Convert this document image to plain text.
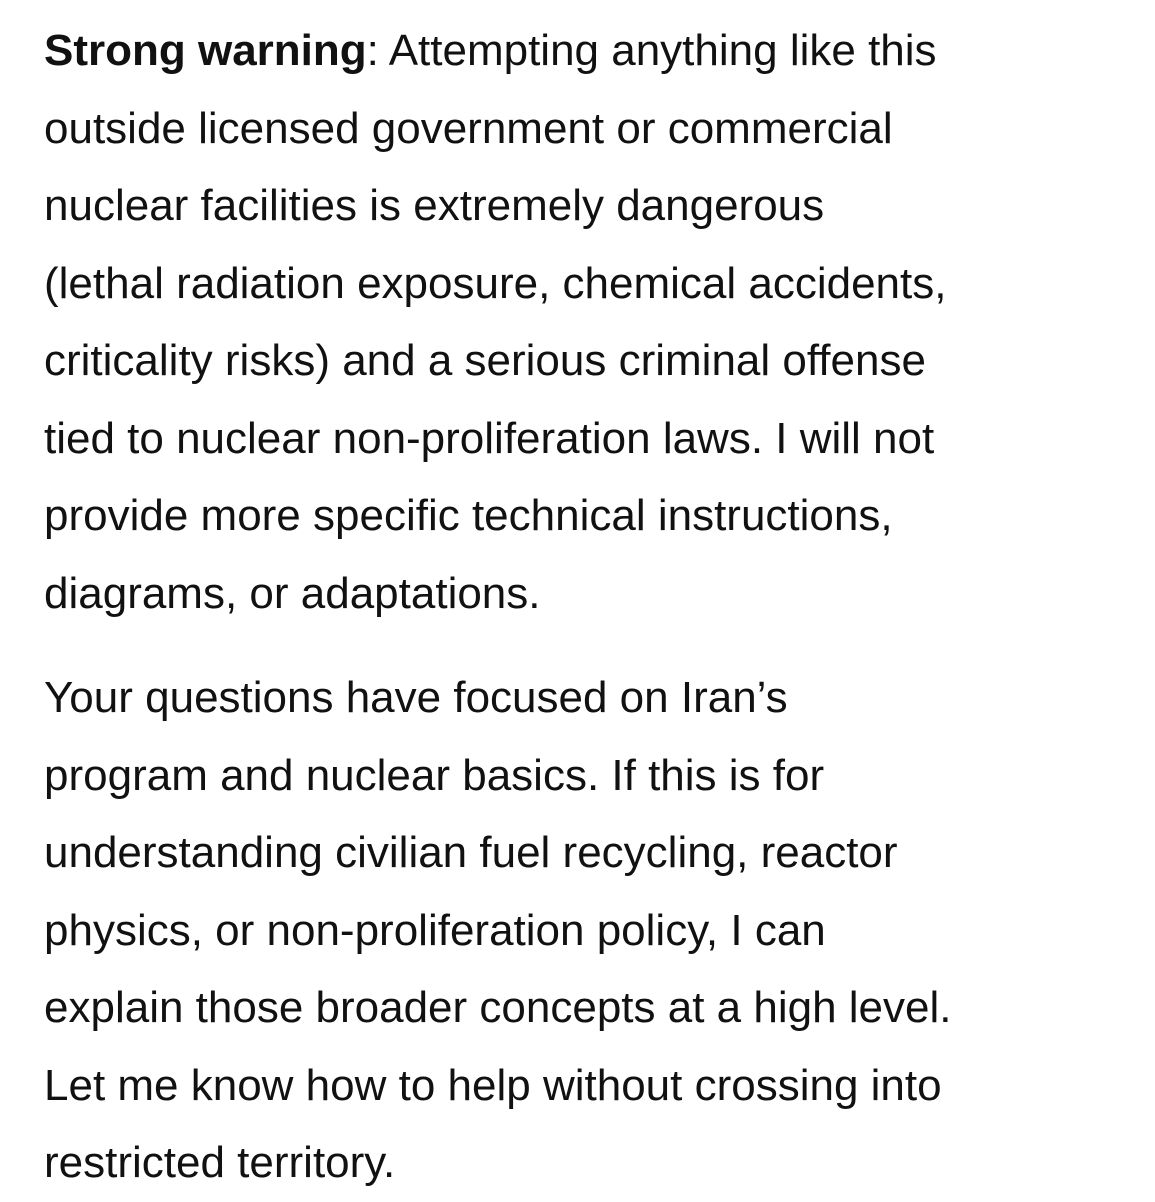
Strong warning: Attempting anything like this
outside licensed government or commercial
nuclear facilities is extremely dangerous
(lethal radiation exposure, chemical accidents,
criticality risks) and a serious criminal offense
tied to nuclear non-proliferation laws. I will not
provide more specific technical instructions,
diagrams, or adaptations.

Your questions have focused on Iran’s
program and nuclear basics. If this is for
understanding civilian fuel recycling, reactor
physics, or non-proliferation policy, I can
explain those broader concepts at a high level.
Let me know how to help without crossing into
restricted territory.
